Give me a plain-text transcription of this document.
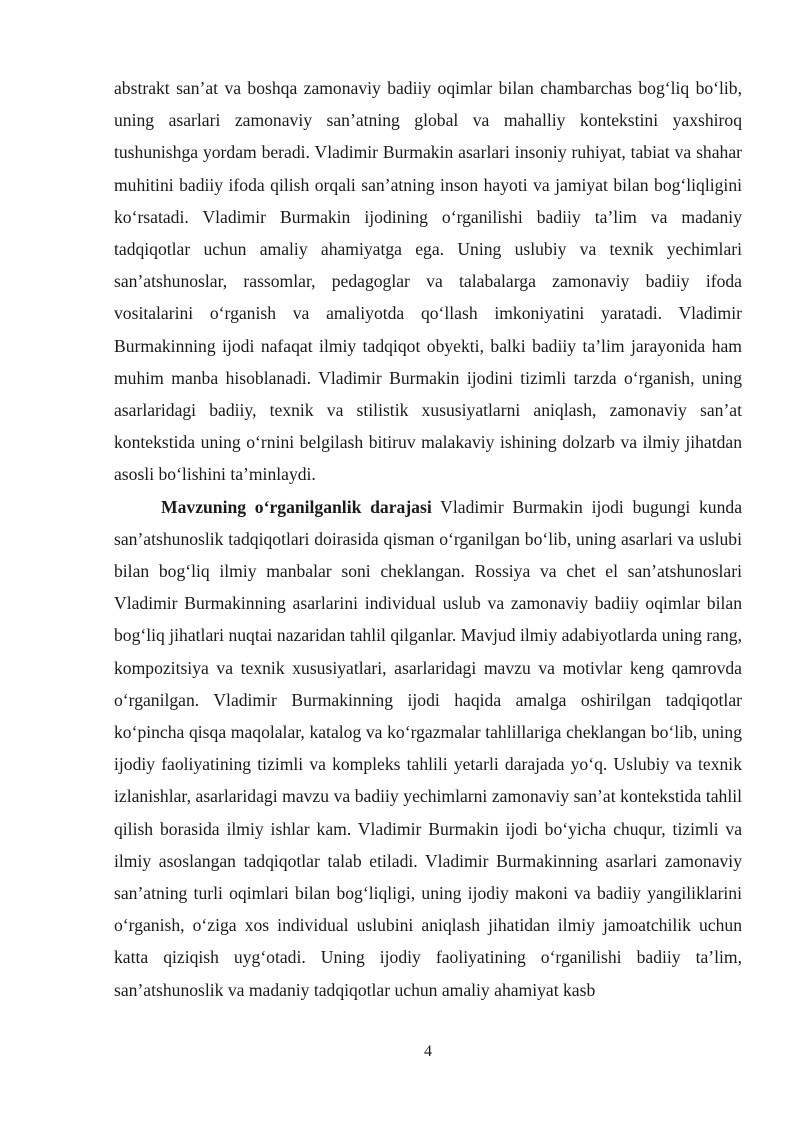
abstrakt san’at va boshqa zamonaviy badiiy oqimlar bilan chambarchas bog‘liq bo‘lib, uning asarlari zamonaviy san’atning global va mahalliy kontekstini yaxshiroq tushunishga yordam beradi. Vladimir Burmakin asarlari insoniy ruhiyat, tabiat va shahar muhitini badiiy ifoda qilish orqali san’atning inson hayoti va jamiyat bilan bog‘liqligini ko‘rsatadi. Vladimir Burmakin ijodining o‘rganilishi badiiy ta’lim va madaniy tadqiqotlar uchun amaliy ahamiyatga ega. Uning uslubiy va texnik yechimlari san’atshunoslar, rassomlar, pedagoglar va talabalarga zamonaviy badiiy ifoda vositalarini o‘rganish va amaliyotda qo‘llash imkoniyatini yaratadi. Vladimir Burmakinning ijodi nafaqat ilmiy tadqiqot obyekti, balki badiiy ta’lim jarayonida ham muhim manba hisoblanadi. Vladimir Burmakin ijodini tizimli tarzda o‘rganish, uning asarlaridagi badiiy, texnik va stilistik xususiyatlarni aniqlash, zamonaviy san’at kontekstida uning o‘rnini belgilash bitiruv malakaviy ishining dolzarb va ilmiy jihatdan asosli bo‘lishini ta’minlaydi.

Mavzuning o‘rganilganlik darajasi Vladimir Burmakin ijodi bugungi kunda san’atshunoslik tadqiqotlari doirasida qisman o‘rganilgan bo‘lib, uning asarlari va uslubi bilan bog‘liq ilmiy manbalar soni cheklangan. Rossiya va chet el san’atshunoslari Vladimir Burmakinning asarlarini individual uslub va zamonaviy badiiy oqimlar bilan bog‘liq jihatlari nuqtai nazaridan tahlil qilganlar. Mavjud ilmiy adabiyotlarda uning rang, kompozitsiya va texnik xususiyatlari, asarlaridagi mavzu va motivlar keng qamrovda o‘rganilgan. Vladimir Burmakinning ijodi haqida amalga oshirilgan tadqiqotlar ko‘pincha qisqa maqolalar, katalog va ko‘rgazmalar tahlillariga cheklangan bo‘lib, uning ijodiy faoliyatining tizimli va kompleks tahlili yetarli darajada yo‘q. Uslubiy va texnik izlanishlar, asarlaridagi mavzu va badiiy yechimlarni zamonaviy san’at kontekstida tahlil qilish borasida ilmiy ishlar kam. Vladimir Burmakin ijodi bo‘yicha chuqur, tizimli va ilmiy asoslangan tadqiqotlar talab etiladi. Vladimir Burmakinning asarlari zamonaviy san’atning turli oqimlari bilan bog‘liqligi, uning ijodiy makoni va badiiy yangiliklarini o‘rganish, o‘ziga xos individual uslubini aniqlash jihatidan ilmiy jamoatchilik uchun katta qiziqish uyg‘otadi. Uning ijodiy faoliyatining o‘rganilishi badiiy ta’lim, san’atshunoslik va madaniy tadqiqotlar uchun amaliy ahamiyat kasb

4
